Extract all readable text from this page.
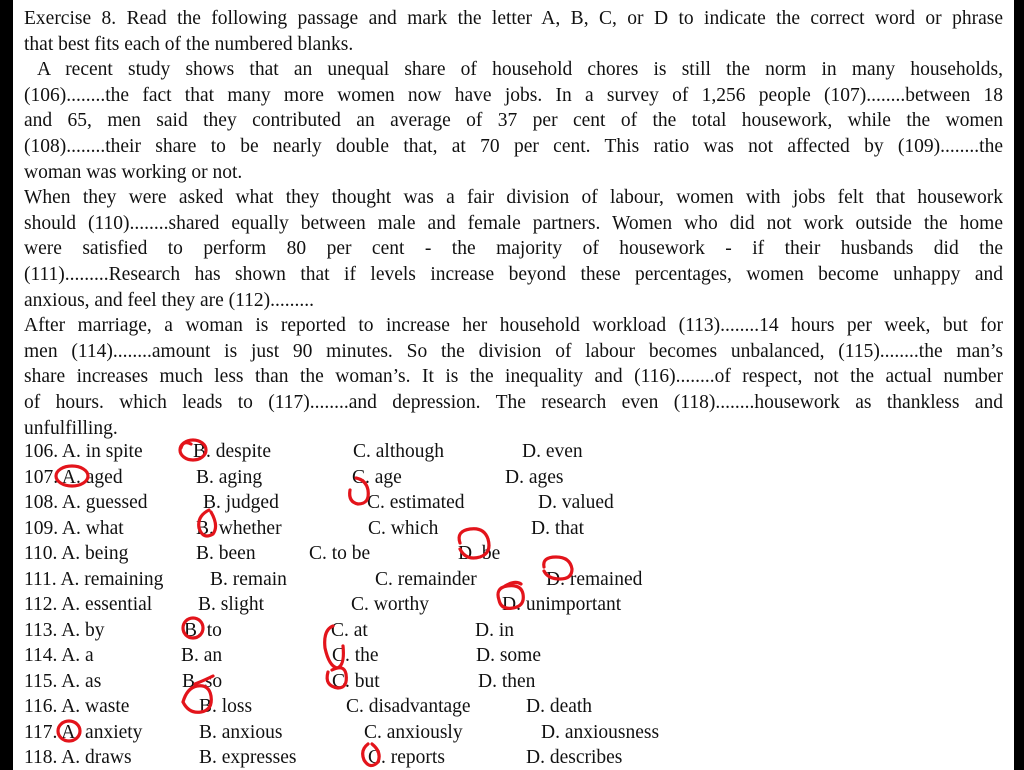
Exercise 8. Read the following passage and mark the letter A, B, C, or D to indicate the correct word or phrase
that best fits each of the numbered blanks.
A recent study shows that an unequal share of household chores is still the norm in many households,
(106)........the fact that many more women now have jobs. In a survey of 1,256 people (107)........between 18
and 65, men said they contributed an average of 37 per cent of the total housework, while the women
(108)........their share to be nearly double that, at 70 per cent. This ratio was not affected by (109)........the
woman was working or not.
When they were asked what they thought was a fair division of labour, women with jobs felt that housework
should (110)........shared equally between male and female partners. Women who did not work outside the home
were satisfied to perform 80 per cent - the majority of housework - if their husbands did the
(111).........Research has shown that if levels increase beyond these percentages, women become unhappy and
anxious, and feel they are (112).........
After marriage, a woman is reported to increase her household workload (113)........14 hours per week, but for
men (114)........amount is just 90 minutes. So the division of labour becomes unbalanced, (115)........the man’s
share increases much less than the woman’s. It is the inequality and (116)........of respect, not the actual number
of hours. which leads to (117)........and depression. The research even (118)........housework as thankless and
unfulfilling.
106. A. in spite	B. despite	C. although	D. even
107. A. aged	B. aging	C. age	D. ages
108. A. guessed	B. judged	C. estimated	D. valued
109. A. what	B. whether	C. which	D. that
110. A. being	B. been	C. to be	D. be
111. A. remaining B. remain	C. remainder	D. remained
112. A. essential B. slight	C. worthy	D. unimportant
113. A. by	B. to	C. at	D. in
114. A. a	B. an	C. the	D. some
115. A. as	B. so	C. but	D. then
116. A. waste	B. loss	C. disadvantage	D. death
117. A. anxiety	B. anxious	C. anxiously	D. anxiousness
118. A. draws	B. expresses	C. reports	D. describes
